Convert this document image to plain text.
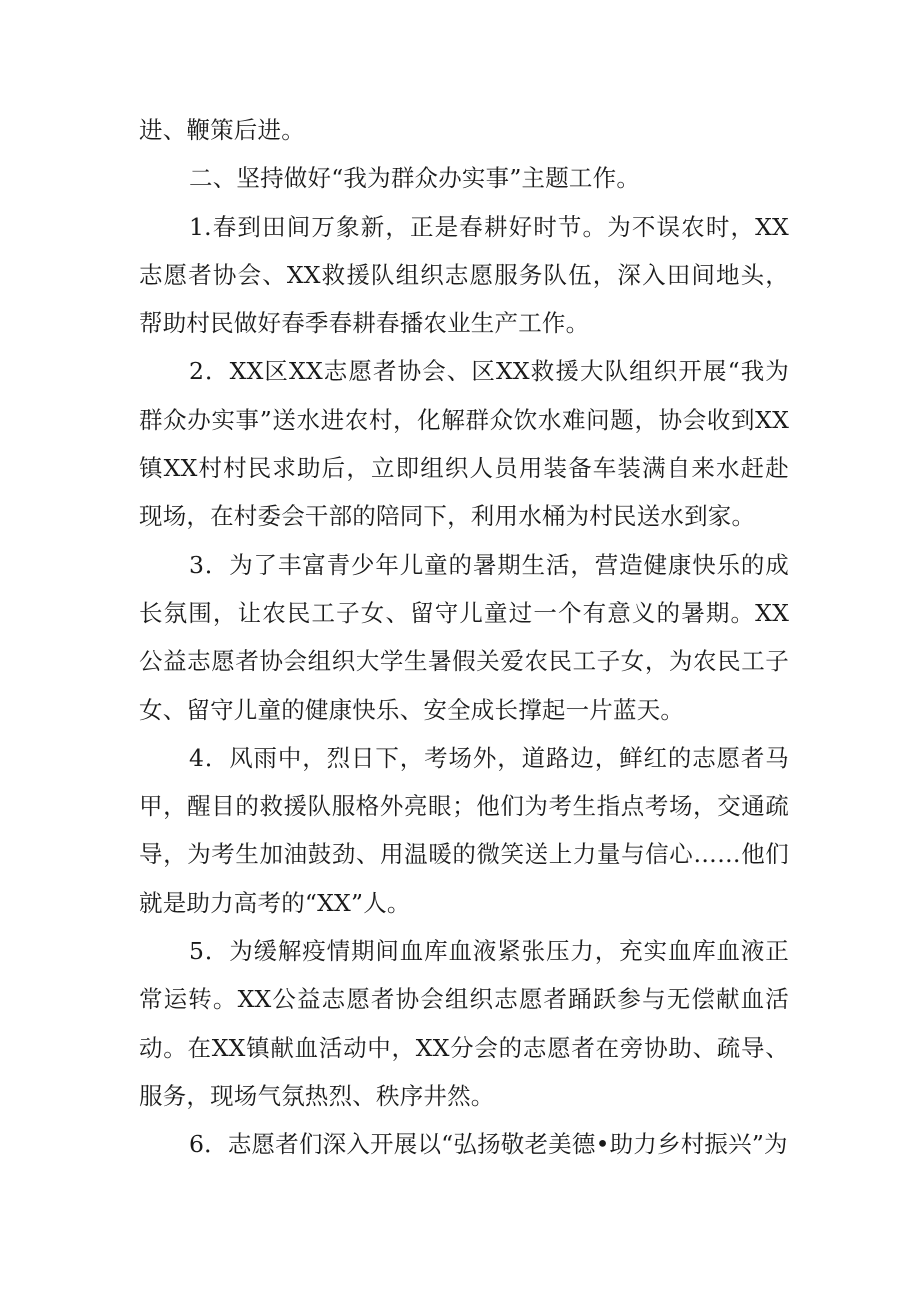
进、鞭策后进。

二、坚持做好“我为群众办实事”主题工作。

1.春到田间万象新，正是春耕好时节。为不误农时，XX志愿者协会、XX救援队组织志愿服务队伍，深入田间地头，帮助村民做好春季春耕春播农业生产工作。

2．XX区XX志愿者协会、区XX救援大队组织开展“我为群众办实事”送水进农村，化解群众饮水难问题，协会收到XX镇XX村村民求助后，立即组织人员用装备车装满自来水赶赴现场，在村委会干部的陪同下，利用水桶为村民送水到家。

3．为了丰富青少年儿童的暑期生活，营造健康快乐的成长氛围，让农民工子女、留守儿童过一个有意义的暑期。XX公益志愿者协会组织大学生暑假关爱农民工子女，为农民工子女、留守儿童的健康快乐、安全成长撑起一片蓝天。

4．风雨中，烈日下，考场外，道路边，鲜红的志愿者马甲，醒目的救援队服格外亮眼；他们为考生指点考场，交通疏导，为考生加油鼓劲、用温暖的微笑送上力量与信心……他们就是助力高考的“XX”人。

5．为缓解疫情期间血库血液紧张压力，充实血库血液正常运转。XX公益志愿者协会组织志愿者踊跃参与无偿献血活动。在XX镇献血活动中，XX分会的志愿者在旁协助、疏导、服务，现场气氛热烈、秩序井然。

6．志愿者们深入开展以“弘扬敬老美德•助力乡村振兴”为
